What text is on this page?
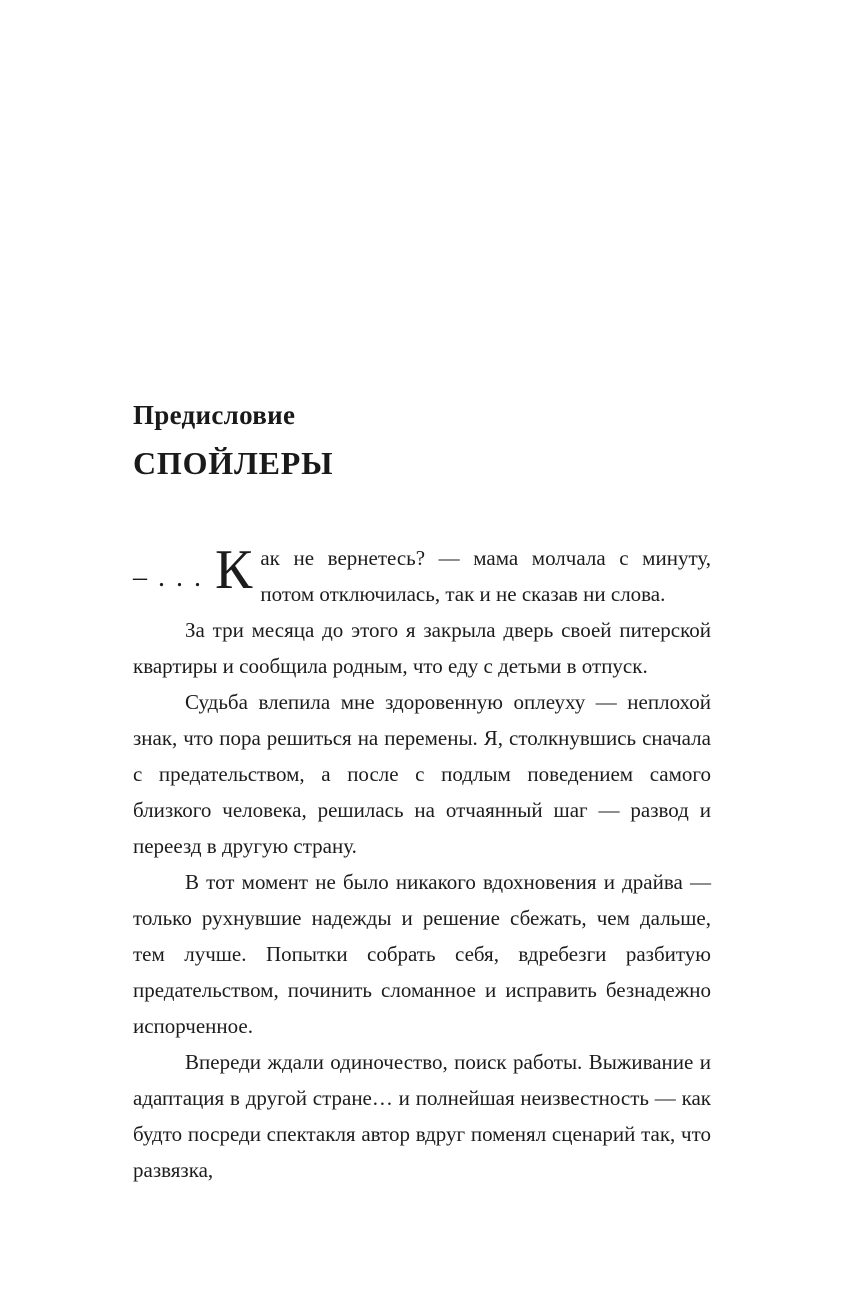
Предисловие
СПОЙЛЕРЫ

– . . . К ак не вернетесь? — мама молчала с минуту, потом отключилась, так и не сказав ни слова.

За три месяца до этого я закрыла дверь своей питерской квартиры и сообщила родным, что еду с детьми в отпуск.

Судьба влепила мне здоровенную оплеуху — неплохой знак, что пора решиться на перемены. Я, столкнувшись сначала с предательством, а после с подлым поведением самого близкого человека, решилась на отчаянный шаг — развод и переезд в другую страну.

В тот момент не было никакого вдохновения и драйва — только рухнувшие надежды и решение сбежать, чем дальше, тем лучше. Попытки собрать себя, вдребезги разбитую предательством, починить сломанное и исправить безнадежно испорченное.

Впереди ждали одиночество, поиск работы. Выживание и адаптация в другой стране… и полнейшая неизвестность — как будто посреди спектакля автор вдруг поменял сценарий так, что развязка,
